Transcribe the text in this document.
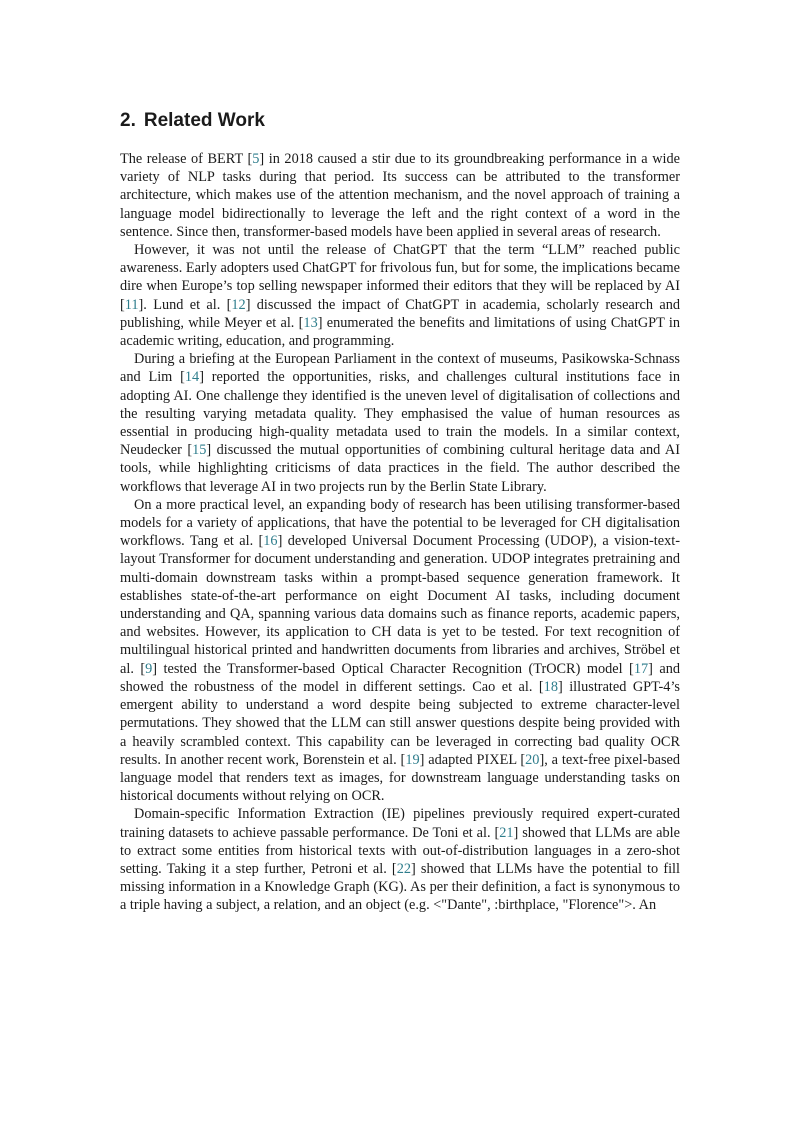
2. Related Work

The release of BERT [5] in 2018 caused a stir due to its groundbreaking performance in a wide variety of NLP tasks during that period. Its success can be attributed to the transformer architecture, which makes use of the attention mechanism, and the novel approach of training a language model bidirectionally to leverage the left and the right context of a word in the sentence. Since then, transformer-based models have been applied in several areas of research.

However, it was not until the release of ChatGPT that the term “LLM” reached public awareness. Early adopters used ChatGPT for frivolous fun, but for some, the implications became dire when Europe’s top selling newspaper informed their editors that they will be replaced by AI [11]. Lund et al. [12] discussed the impact of ChatGPT in academia, scholarly research and publishing, while Meyer et al. [13] enumerated the benefits and limitations of using ChatGPT in academic writing, education, and programming.

During a briefing at the European Parliament in the context of museums, Pasikowska-Schnass and Lim [14] reported the opportunities, risks, and challenges cultural institutions face in adopting AI. One challenge they identified is the uneven level of digitalisation of collections and the resulting varying metadata quality. They emphasised the value of human resources as essential in producing high-quality metadata used to train the models. In a similar context, Neudecker [15] discussed the mutual opportunities of combining cultural heritage data and AI tools, while highlighting criticisms of data practices in the field. The author described the workflows that leverage AI in two projects run by the Berlin State Library.

On a more practical level, an expanding body of research has been utilising transformer-based models for a variety of applications, that have the potential to be leveraged for CH digitalisation workflows. Tang et al. [16] developed Universal Document Processing (UDOP), a vision-text-layout Transformer for document understanding and generation. UDOP integrates pretraining and multi-domain downstream tasks within a prompt-based sequence generation framework. It establishes state-of-the-art performance on eight Document AI tasks, including document understanding and QA, spanning various data domains such as finance reports, academic papers, and websites. However, its application to CH data is yet to be tested. For text recognition of multilingual historical printed and handwritten documents from libraries and archives, Ströbel et al. [9] tested the Transformer-based Optical Character Recognition (TrOCR) model [17] and showed the robustness of the model in different settings. Cao et al. [18] illustrated GPT-4’s emergent ability to understand a word despite being subjected to extreme character-level permutations. They showed that the LLM can still answer questions despite being provided with a heavily scrambled context. This capability can be leveraged in correcting bad quality OCR results. In another recent work, Borenstein et al. [19] adapted PIXEL [20], a text-free pixel-based language model that renders text as images, for downstream language understanding tasks on historical documents without relying on OCR.

Domain-specific Information Extraction (IE) pipelines previously required expert-curated training datasets to achieve passable performance. De Toni et al. [21] showed that LLMs are able to extract some entities from historical texts with out-of-distribution languages in a zero-shot setting. Taking it a step further, Petroni et al. [22] showed that LLMs have the potential to fill missing information in a Knowledge Graph (KG). As per their definition, a fact is synonymous to a triple having a subject, a relation, and an object (e.g. <"Dante", :birthplace, "Florence">. An
